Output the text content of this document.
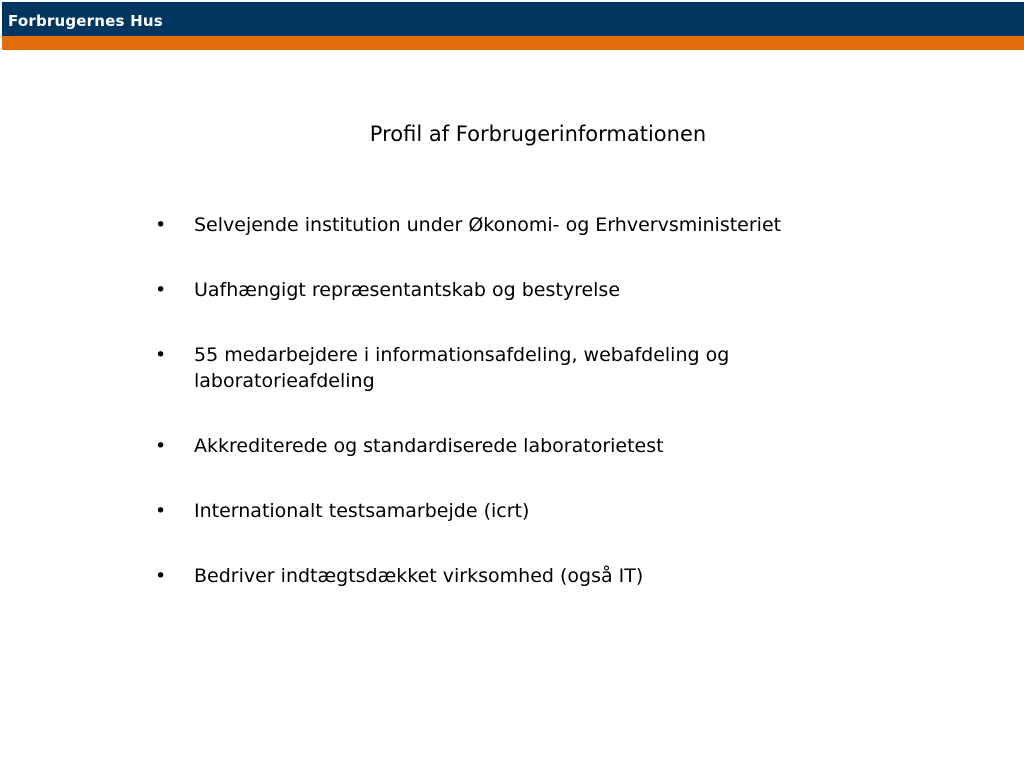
Forbrugernes Hus
Profil af Forbrugerinformationen
•	Selvejende institution under Økonomi- og Erhvervsministeriet
•	Uafhængigt repræsentantskab og bestyrelse
•	55 medarbejdere i informationsafdeling, webafdeling og laboratorieafdeling
•	Akkrediterede og standardiserede laboratorietest
•	Internationalt testsamarbejde (icrt)
•	Bedriver indtægtsdækket virksomhed (også IT)
